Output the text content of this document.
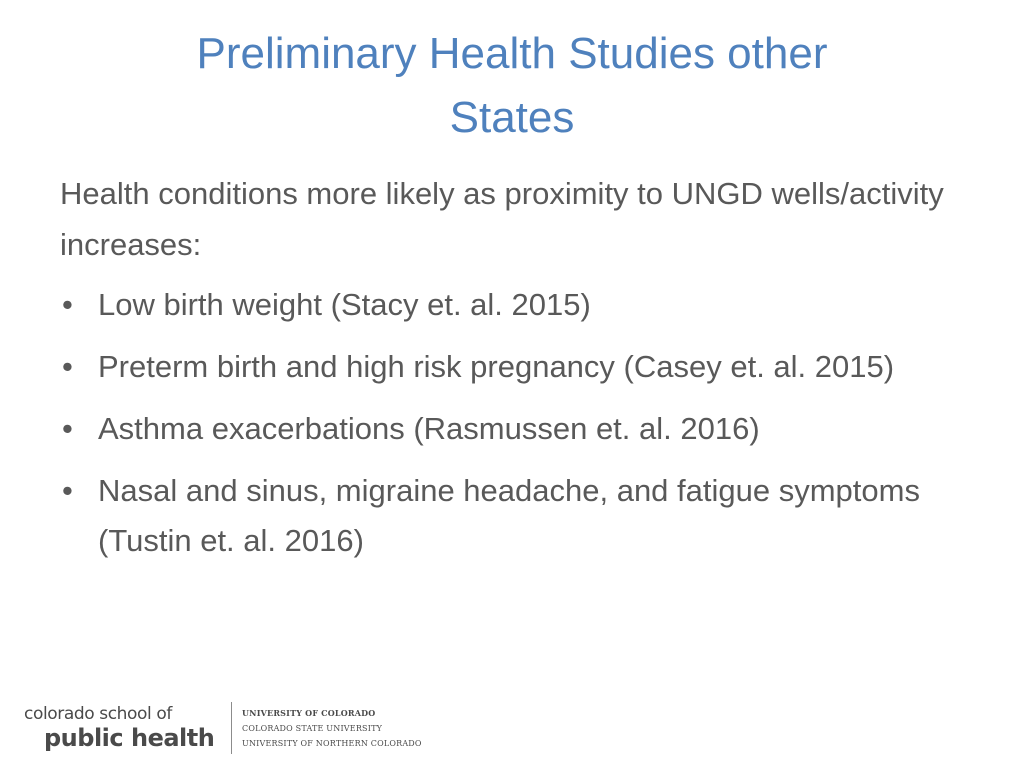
Preliminary Health Studies other
States
Health conditions more likely as proximity to UNGD wells/activity increases:
• Low birth weight (Stacy et. al. 2015)
• Preterm birth and high risk pregnancy (Casey et. al. 2015)
• Asthma exacerbations (Rasmussen et. al. 2016)
• Nasal and sinus, migraine headache, and fatigue symptoms (Tustin et. al. 2016)
colorado school of
public health
UNIVERSITY OF COLORADO
COLORADO STATE UNIVERSITY
UNIVERSITY OF NORTHERN COLORADO
